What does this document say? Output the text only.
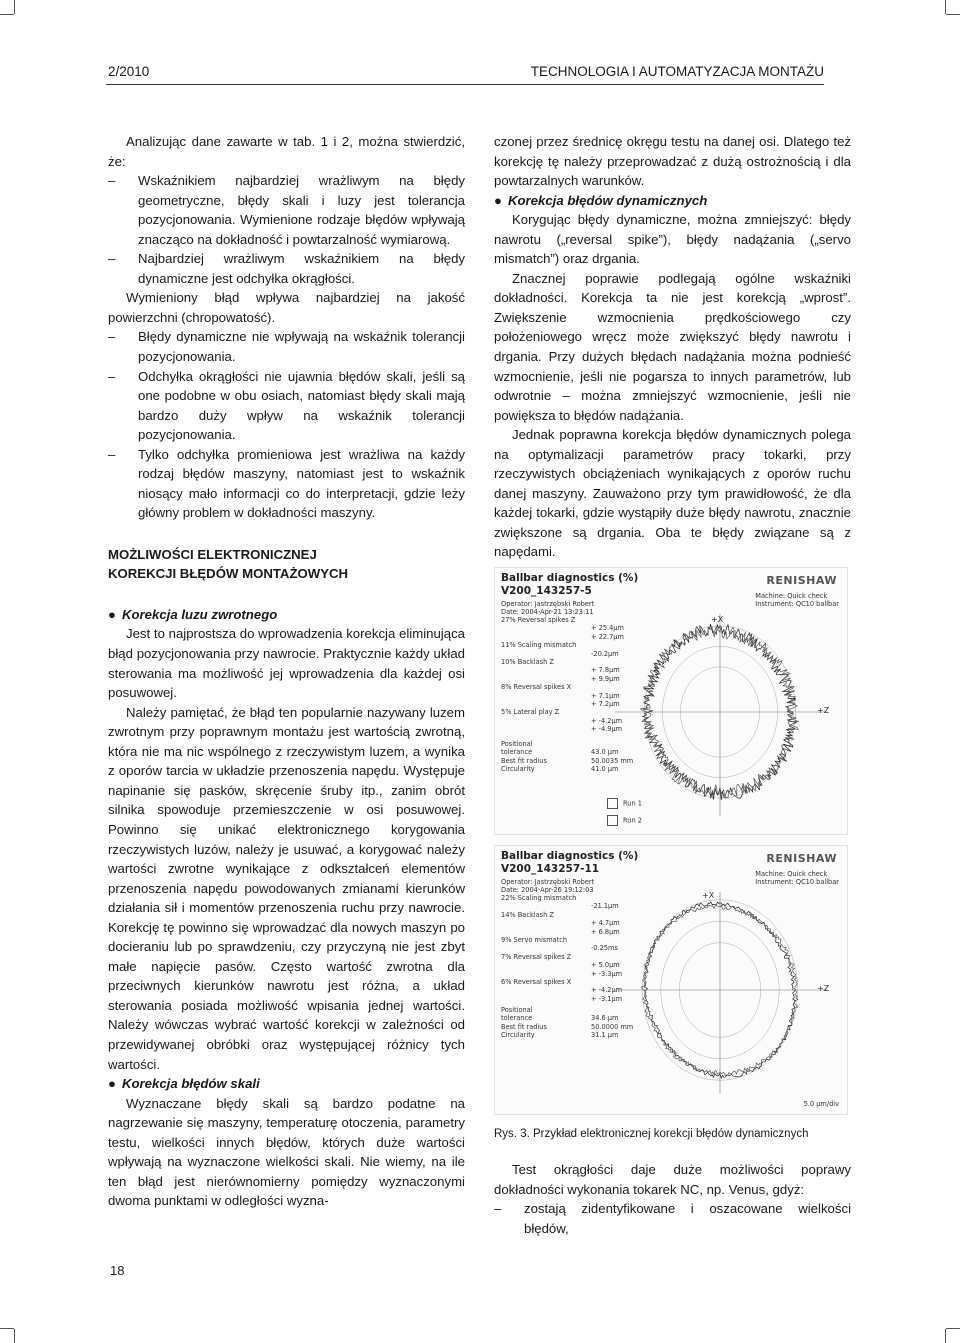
2/2010	TECHNOLOGIA I AUTOMATYZACJA MONTAŻU

Analizując dane zawarte w tab. 1 i 2, można stwierdzić, że:

– Wskaźnikiem najbardziej wrażliwym na błędy geometryczne, błędy skali i luzy jest tolerancja pozycjonowania. Wymienione rodzaje błędów wpływają znacząco na dokładność i powtarzalność wymiarową.

– Najbardziej wrażliwym wskaźnikiem na błędy dynamiczne jest odchyłka okrągłości.

Wymieniony błąd wpływa najbardziej na jakość powierzchni (chropowatość).

– Błędy dynamiczne nie wpływają na wskaźnik tolerancji pozycjonowania.

– Odchyłka okrągłości nie ujawnia błędów skali, jeśli są one podobne w obu osiach, natomiast błędy skali mają bardzo duży wpływ na wskaźnik tolerancji pozycjonowania.

– Tylko odchyłka promieniowa jest wrażliwa na każdy rodzaj błędów maszyny, natomiast jest to wskaźnik niosący mało informacji co do interpretacji, gdzie leży główny problem w dokładności maszyny.

MOŻLIWOŚCI ELEKTRONICZNEJ
KOREKCJI BŁĘDÓW MONTAŻOWYCH

● Korekcja luzu zwrotnego

Jest to najprostsza do wprowadzenia korekcja eliminująca błąd pozycjonowania przy nawrocie. Praktycznie każdy układ sterowania ma możliwość jej wprowadzenia dla każdej osi posuwowej.

Należy pamiętać, że błąd ten popularnie nazywany luzem zwrotnym przy poprawnym montażu jest wartością zwrotną, która nie ma nic wspólnego z rzeczywistym luzem, a wynika z oporów tarcia w układzie przenoszenia napędu. Występuje napinanie się pasków, skręcenie śruby itp., zanim obrót silnika spowoduje przemieszczenie w osi posuwowej. Powinno się unikać elektronicznego korygowania rzeczywistych luzów, należy je usuwać, a korygować należy wartości zwrotne wynikające z odkształceń elementów przenoszenia napędu powodowanych zmianami kierunków działania sił i momentów przenoszenia ruchu przy nawrocie. Korekcję tę powinno się wprowadzać dla nowych maszyn po docieraniu lub po sprawdzeniu, czy przyczyną nie jest zbyt małe napięcie pasów. Często wartość zwrotna dla przeciwnych kierunków nawrotu jest różna, a układ sterowania posiada możliwość wpisania jednej wartości. Należy wówczas wybrać wartość korekcji w zależności od przewidywanej obróbki oraz występującej różnicy tych wartości.

● Korekcja błędów skali

Wyznaczane błędy skali są bardzo podatne na nagrzewanie się maszyny, temperaturę otoczenia, parametry testu, wielkości innych błędów, których duże wartości wpływają na wyznaczone wielkości skali. Nie wiemy, na ile ten błąd jest nierównomierny pomiędzy wyznaczonymi dwoma punktami w odległości wyzna-

czonej przez średnicę okręgu testu na danej osi. Dlatego też korekcję tę należy przeprowadzać z dużą ostrożnością i dla powtarzalnych warunków.

● Korekcja błędów dynamicznych

Korygując błędy dynamiczne, można zmniejszyć: błędy nawrotu („reversal spike”), błędy nadążania („servo mismatch”) oraz drgania.

Znacznej poprawie podlegają ogólne wskaźniki dokładności. Korekcja ta nie jest korekcją „wprost”. Zwiększenie wzmocnienia prędkościowego czy położeniowego wręcz może zwiększyć błędy nawrotu i drgania. Przy dużych błędach nadążania można podnieść wzmocnienie, jeśli nie pogarsza to innych parametrów, lub odwrotnie – można zmniejszyć wzmocnienie, jeśli nie powiększa to błędów nadążania.

Jednak poprawna korekcja błędów dynamicznych polega na optymalizacji parametrów pracy tokarki, przy rzeczywistych obciążeniach wynikających z oporów ruchu danej maszyny. Zauważono przy tym prawidłowość, że dla każdej tokarki, gdzie wystąpiły duże błędy nawrotu, znacznie zwiększone są drgania. Oba te błędy związane są z napędami.

Ballbar diagnostics (%)
V200_143257-5
Operator: Jastrzębski Robert
Date: 2004-Apr-21 13:23:11
RENISHAW
Machine: Quick check
Instrument: QC10 ballbar
27% Reversal spikes Z
+ 25.4µm
+ 22.7µm
11% Scaling mismatch
-20.2µm
10% Backlash Z
+ 7.8µm
+ 9.9µm
8% Reversal spikes X
+ 7.1µm
+ 7.2µm
5% Lateral play Z
+ -4.2µm
+ -4.9µm
Positional
tolerance	43.0 µm
Best fit radius	50.0035 mm
Circularity	41.0 µm
+X
+Z
Run 1
Run 2
Ballbar diagnostics (%)
V200_143257-11
Operator: Jastrzębski Robert
Date: 2004-Apr-26 19:12:03
RENISHAW
Machine: Quick check
Instrument: QC10 ballbar
22% Scaling mismatch
-21.1µm
14% Backlash Z
+ 4.7µm
+ 6.8µm
9% Servo mismatch
-0.25ms
7% Reversal spikes Z
+ 5.0µm
+ -3.3µm
6% Reversal spikes X
+ -4.2µm
+ -3.1µm
Positional
tolerance	34.6 µm
Best fit radius	50.0000 mm
Circularity	31.1 µm
+X
+Z
5.0 µm/div
Rys. 3. Przykład elektronicznej korekcji błędów dynamicznych

Test okrągłości daje duże możliwości poprawy dokładności wykonania tokarek NC, np. Venus, gdyż:

– zostają zidentyfikowane i oszacowane wielkości błędów,

18
